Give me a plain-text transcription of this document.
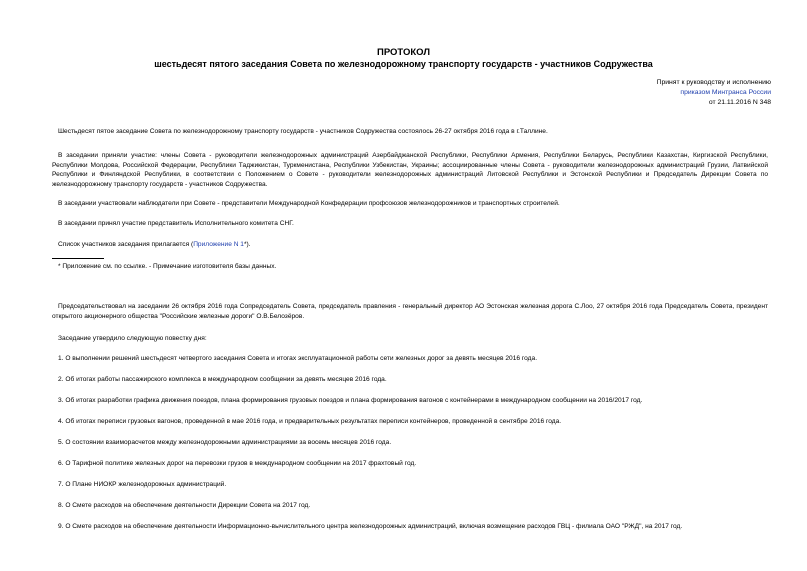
ПРОТОКОЛ
шестьдесят пятого заседания Совета по железнодорожному транспорту государств - участников Содружества
Принят к руководству и исполнению
приказом Минтранса России
от 21.11.2016 N 348
Шестьдесят пятое заседание Совета по железнодорожному транспорту государств - участников Содружества состоялось 26-27 октября 2016 года в г.Таллине.
В заседании приняли участие: члены Совета - руководители железнодорожных администраций Азербайджанской Республики, Республики Армения, Республики Беларусь, Республики Казахстан, Киргизской Республики, Республики Молдова, Российской Федерации, Республики Таджикистан, Туркменистана, Республики Узбекистан, Украины; ассоциированные члены Совета - руководители железнодорожных администраций Грузии, Латвийской Республики и Финляндской Республики, в соответствии с Положением о Совете - руководители железнодорожных администраций Литовской Республики и Эстонской Республики и Председатель Дирекции Совета по железнодорожному транспорту государств - участников Содружества.
В заседании участвовали наблюдатели при Совете - представители Международной Конфедерации профсоюзов железнодорожников и транспортных строителей.
В заседании принял участие представитель Исполнительного комитета СНГ.
Список участников заседания прилагается (Приложение N 1*).
* Приложение см. по ссылке. - Примечание изготовителя базы данных.
Председательствовал на заседании 26 октября 2016 года Сопредседатель Совета, председатель правления - генеральный директор АО Эстонская железная дорога С.Лоо, 27 октября 2016 года Председатель Совета, президент открытого акционерного общества "Российские железные дороги" О.В.Белозёров.
Заседание утвердило следующую повестку дня:
1. О выполнении решений шестьдесят четвертого заседания Совета и итогах эксплуатационной работы сети железных дорог за девять месяцев 2016 года.
2. Об итогах работы пассажирского комплекса в международном сообщении за девять месяцев 2016 года.
3. Об итогах разработки графика движения поездов, плана формирования грузовых поездов и плана формирования вагонов с контейнерами в международном сообщении на 2016/2017 год.
4. Об итогах переписи грузовых вагонов, проведенной в мае 2016 года, и предварительных результатах переписи контейнеров, проведенной в сентябре 2016 года.
5. О состоянии взаиморасчетов между железнодорожными администрациями за восемь месяцев 2016 года.
6. О Тарифной политике железных дорог на перевозки грузов в международном сообщении на 2017 фрахтовый год.
7. О Плане НИОКР железнодорожных администраций.
8. О Смете расходов на обеспечение деятельности Дирекции Совета на 2017 год.
9. О Смете расходов на обеспечение деятельности Информационно-вычислительного центра железнодорожных администраций, включая возмещение расходов ГВЦ - филиала ОАО "РЖД", на 2017 год.
